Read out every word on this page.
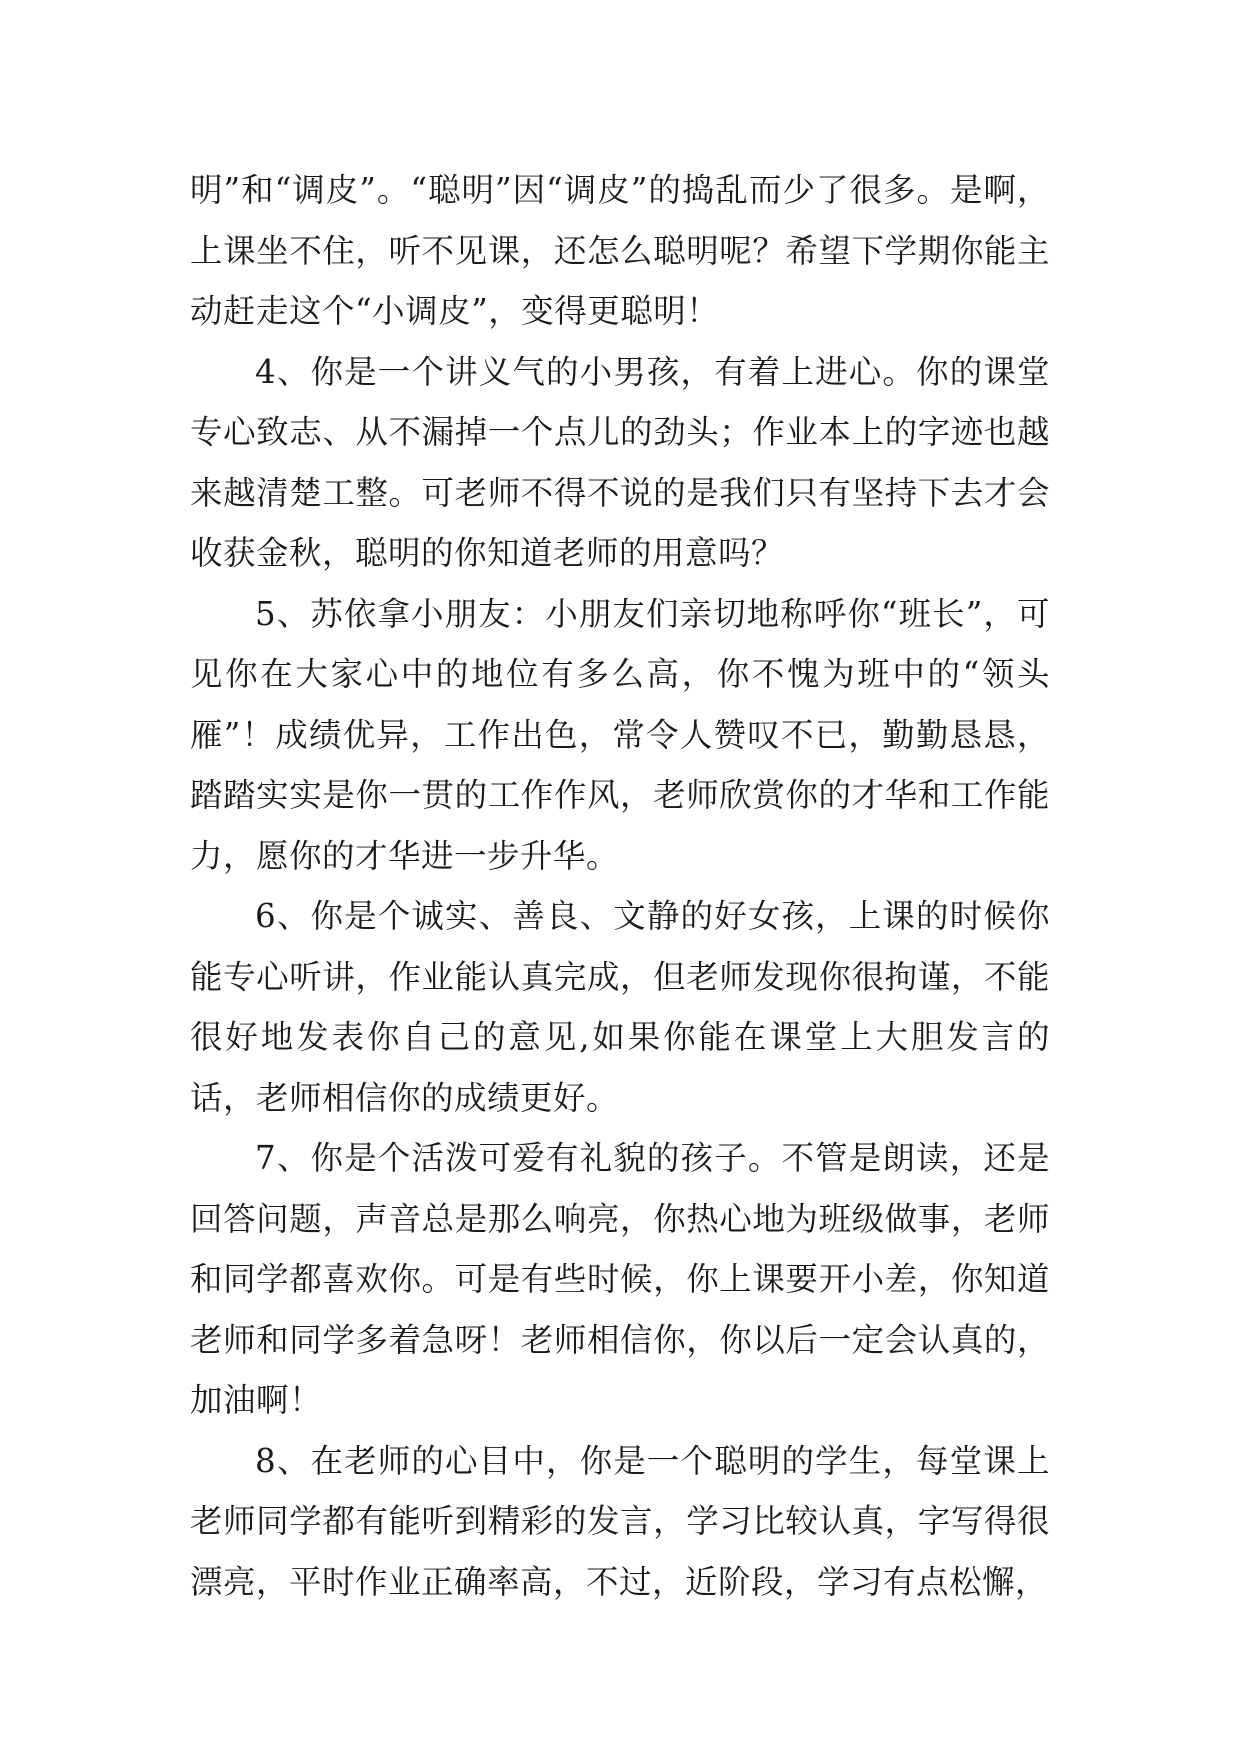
明”和“调皮”。“聪明”因“调皮”的捣乱而少了很多。是啊，上课坐不住，听不见课，还怎么聪明呢？希望下学期你能主动赶走这个“小调皮”，变得更聪明！

4、你是一个讲义气的小男孩，有着上进心。你的课堂专心致志、从不漏掉一个点儿的劲头；作业本上的字迹也越来越清楚工整。可老师不得不说的是我们只有坚持下去才会收获金秋，聪明的你知道老师的用意吗？

5、苏依拿小朋友：小朋友们亲切地称呼你“班长”，可见你在大家心中的地位有多么高，你不愧为班中的“领头雁”！成绩优异，工作出色，常令人赞叹不已，勤勤恳恳，踏踏实实是你一贯的工作作风，老师欣赏你的才华和工作能力，愿你的才华进一步升华。

6、你是个诚实、善良、文静的好女孩，上课的时候你能专心听讲，作业能认真完成，但老师发现你很拘谨，不能很好地发表你自己的意见,如果你能在课堂上大胆发言的话，老师相信你的成绩更好。

7、你是个活泼可爱有礼貌的孩子。不管是朗读，还是回答问题，声音总是那么响亮，你热心地为班级做事，老师和同学都喜欢你。可是有些时候，你上课要开小差，你知道老师和同学多着急呀！老师相信你，你以后一定会认真的，加油啊！

8、在老师的心目中，你是一个聪明的学生，每堂课上老师同学都有能听到精彩的发言，学习比较认真，字写得很漂亮，平时作业正确率高，不过，近阶段，学习有点松懈，
